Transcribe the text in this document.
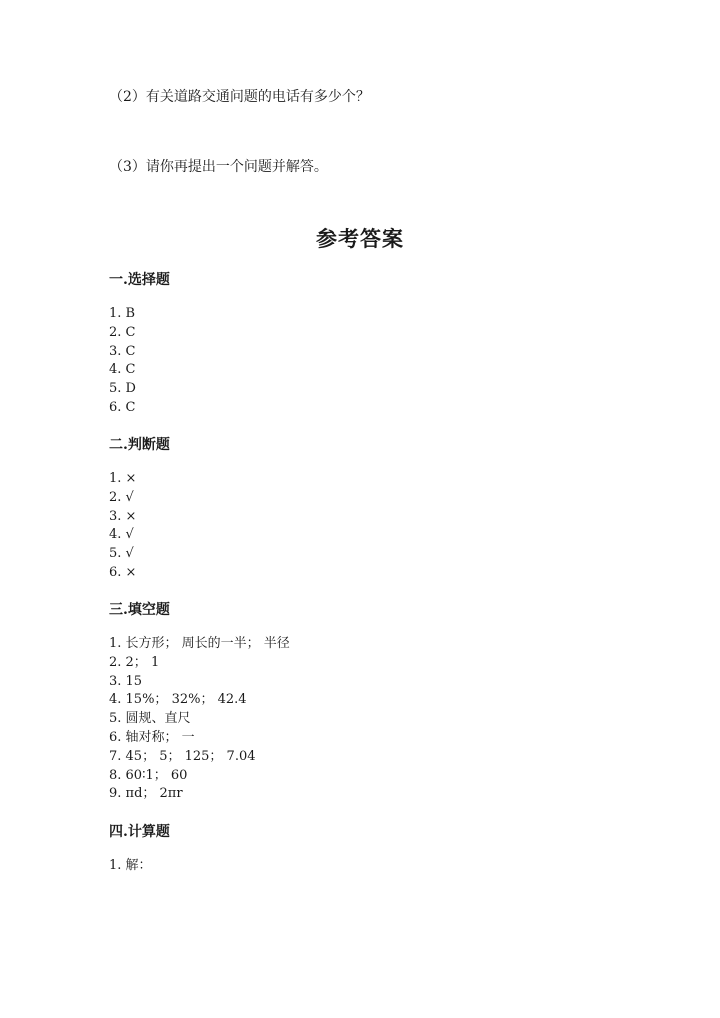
（2）有关道路交通问题的电话有多少个？
（3）请你再提出一个问题并解答。
参考答案
一.选择题
1. B
2. C
3. C
4. C
5. D
6. C
二.判断题
1. ×
2. √
3. ×
4. √
5. √
6. ×
三.填空题
1. 长方形； 周长的一半； 半径
2. 2； 1
3. 15
4. 15%； 32%； 42.4
5. 圆规、直尺
6. 轴对称； 一
7. 45； 5； 125； 7.04
8. 60∶1； 60
9. πd； 2πr
四.计算题
1. 解：
